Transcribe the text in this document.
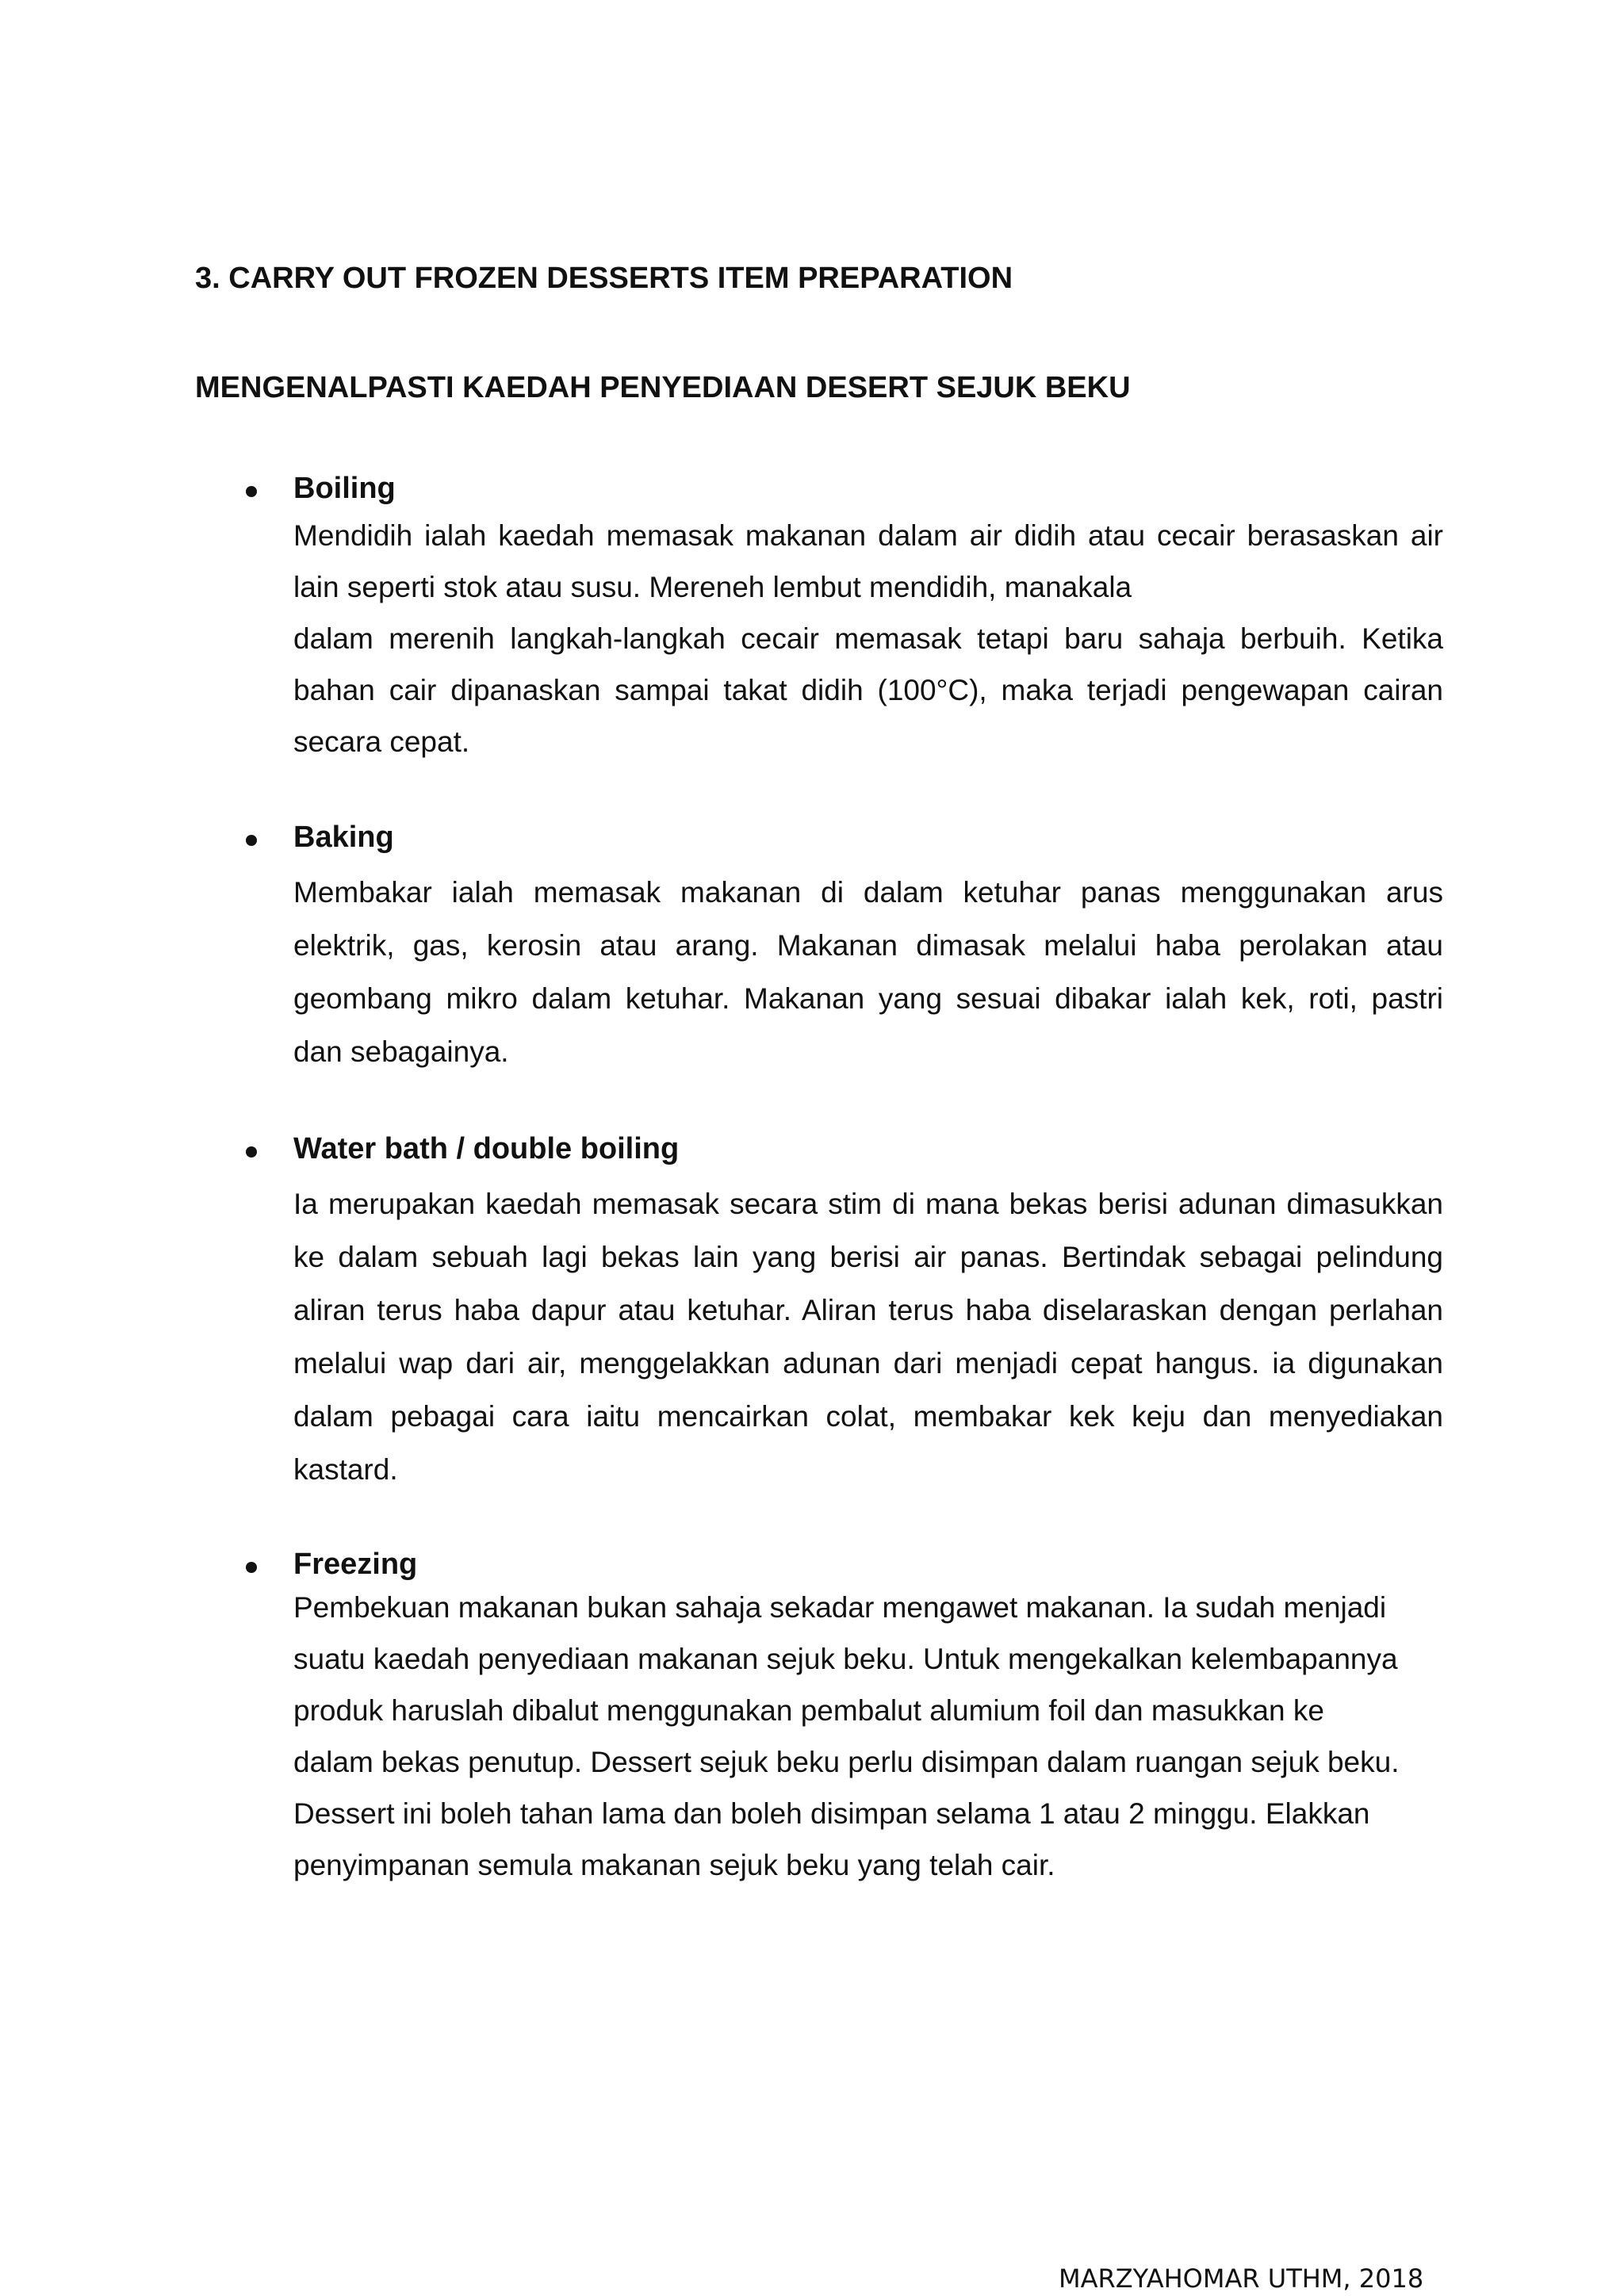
3. CARRY OUT FROZEN DESSERTS ITEM PREPARATION
MENGENALPASTI KAEDAH PENYEDIAAN DESERT SEJUK BEKU
Boiling

Mendidih ialah kaedah memasak makanan dalam air didih atau cecair berasaskan air

lain seperti stok atau susu. Mereneh lembut mendidih, manakala

dalam merenih langkah-langkah cecair memasak tetapi baru sahaja berbuih. Ketika

bahan cair dipanaskan sampai takat didih (100°C), maka terjadi pengewapan cairan

secara cepat.

Baking

Membakar ialah memasak makanan di dalam ketuhar panas menggunakan arus

elektrik, gas, kerosin atau arang. Makanan dimasak melalui haba perolakan atau

geombang mikro dalam ketuhar. Makanan yang sesuai dibakar ialah kek, roti, pastri

dan sebagainya.

Water bath / double boiling

Ia merupakan kaedah memasak secara stim di mana bekas berisi adunan dimasukkan

ke dalam sebuah lagi bekas lain yang berisi air panas. Bertindak sebagai pelindung

aliran terus haba dapur atau ketuhar. Aliran terus haba diselaraskan dengan perlahan

melalui wap dari air, menggelakkan adunan dari menjadi cepat hangus. ia digunakan

dalam pebagai cara iaitu mencairkan colat, membakar kek keju dan menyediakan

kastard.

Freezing

Pembekuan makanan bukan sahaja sekadar mengawet makanan. Ia sudah menjadi

suatu kaedah penyediaan makanan sejuk beku. Untuk mengekalkan kelembapannya

produk haruslah dibalut menggunakan pembalut alumium foil dan masukkan ke

dalam bekas penutup. Dessert sejuk beku perlu disimpan dalam ruangan sejuk beku.

Dessert ini boleh tahan lama dan boleh disimpan selama 1 atau 2 minggu. Elakkan

penyimpanan semula makanan sejuk beku yang telah cair.

MARZYAHOMAR UTHM, 2018
